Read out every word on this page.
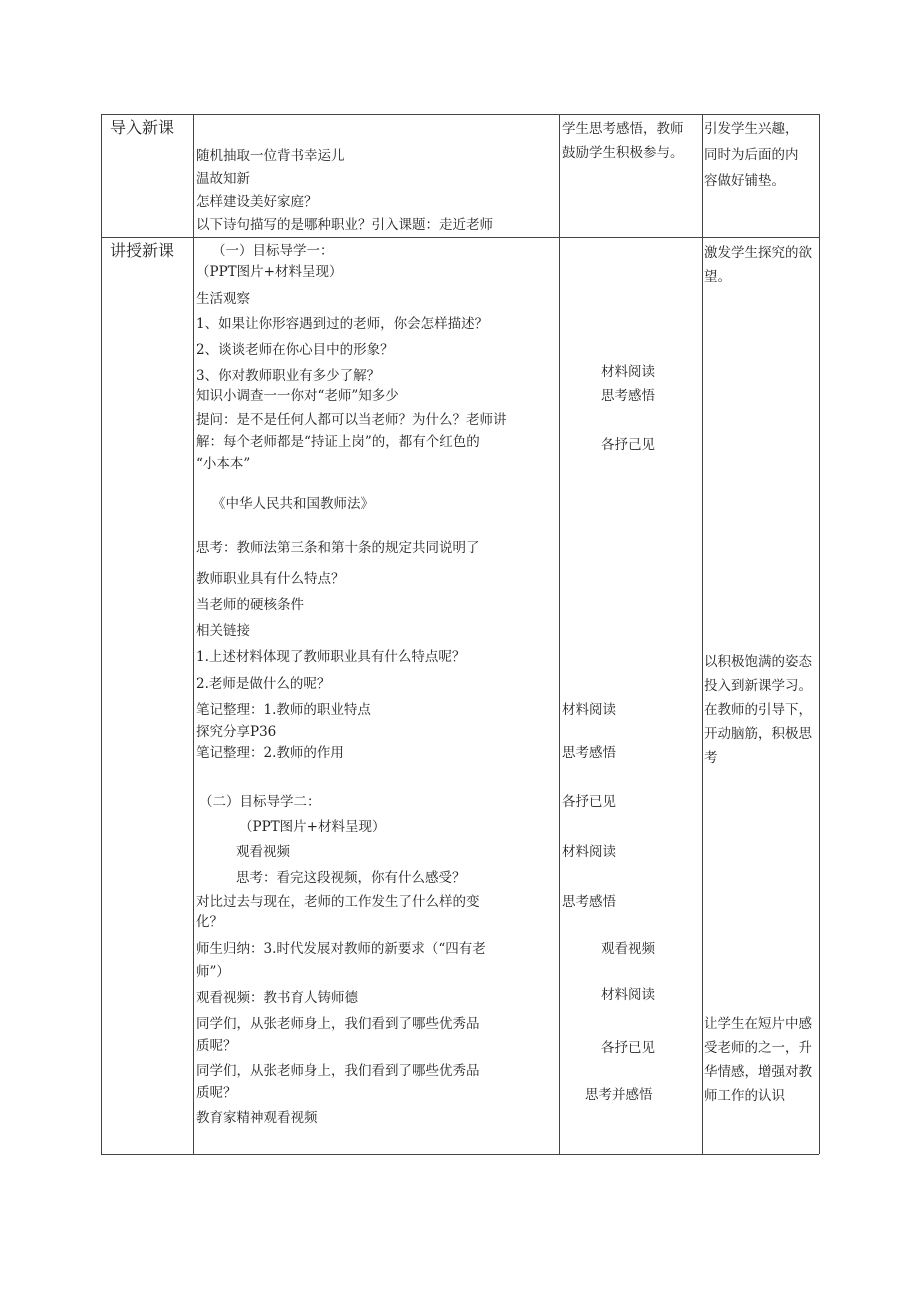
导入新课
随机抽取一位背书幸运儿
温故知新
怎样建设美好家庭？
以下诗句描写的是哪种职业？引入课题：走近老师
学生思考感悟，教师
鼓励学生积极参与。
引发学生兴趣，
同时为后面的内
容做好铺垫。
讲授新课	（一）目标导学一：
（PPT图片+材料呈现）
生活观察
1、如果让你形容遇到过的老师，你会怎样描述？
2、谈谈老师在你心目中的形象？
3、你对教师职业有多少了解？
知识小调查一一你对“老师”知多少
提问：是不是任何人都可以当老师？为什么？老师讲
解：每个老师都是“持证上岗”的，都有个红色的
“小本本”
《中华人民共和国教师法》
思考：教师法第三条和第十条的规定共同说明了
教师职业具有什么特点？
当老师的硬核条件
相关链接
1.上述材料体现了教师职业具有什么特点呢？
2.老师是做什么的呢？
笔记整理：1.教师的职业特点
探究分享P36
笔记整理：2.教师的作用
（二）目标导学二：
（PPT图片+材料呈现）
观看视频
思考：看完这段视频，你有什么感受？
对比过去与现在，老师的工作发生了什么样的变
化？
师生归纳：3.时代发展对教师的新要求（“四有老
师”）
观看视频：教书育人铸师德
同学们，从张老师身上，我们看到了哪些优秀品
质呢？
同学们，从张老师身上，我们看到了哪些优秀品
质呢？
教育家精神观看视频
材料阅读
思考感悟
各抒己见
材料阅读
思考感悟
各抒已见
材料阅读
思考感悟
观看视频
材料阅读
各抒已见
思考并感悟
激发学生探究的欲望。
以积极饱满的姿态投入到新课学习。在教师的引导下，开动脑筋，积极思考
让学生在短片中感受老师的之一，升华情感，增强对教师工作的认识
